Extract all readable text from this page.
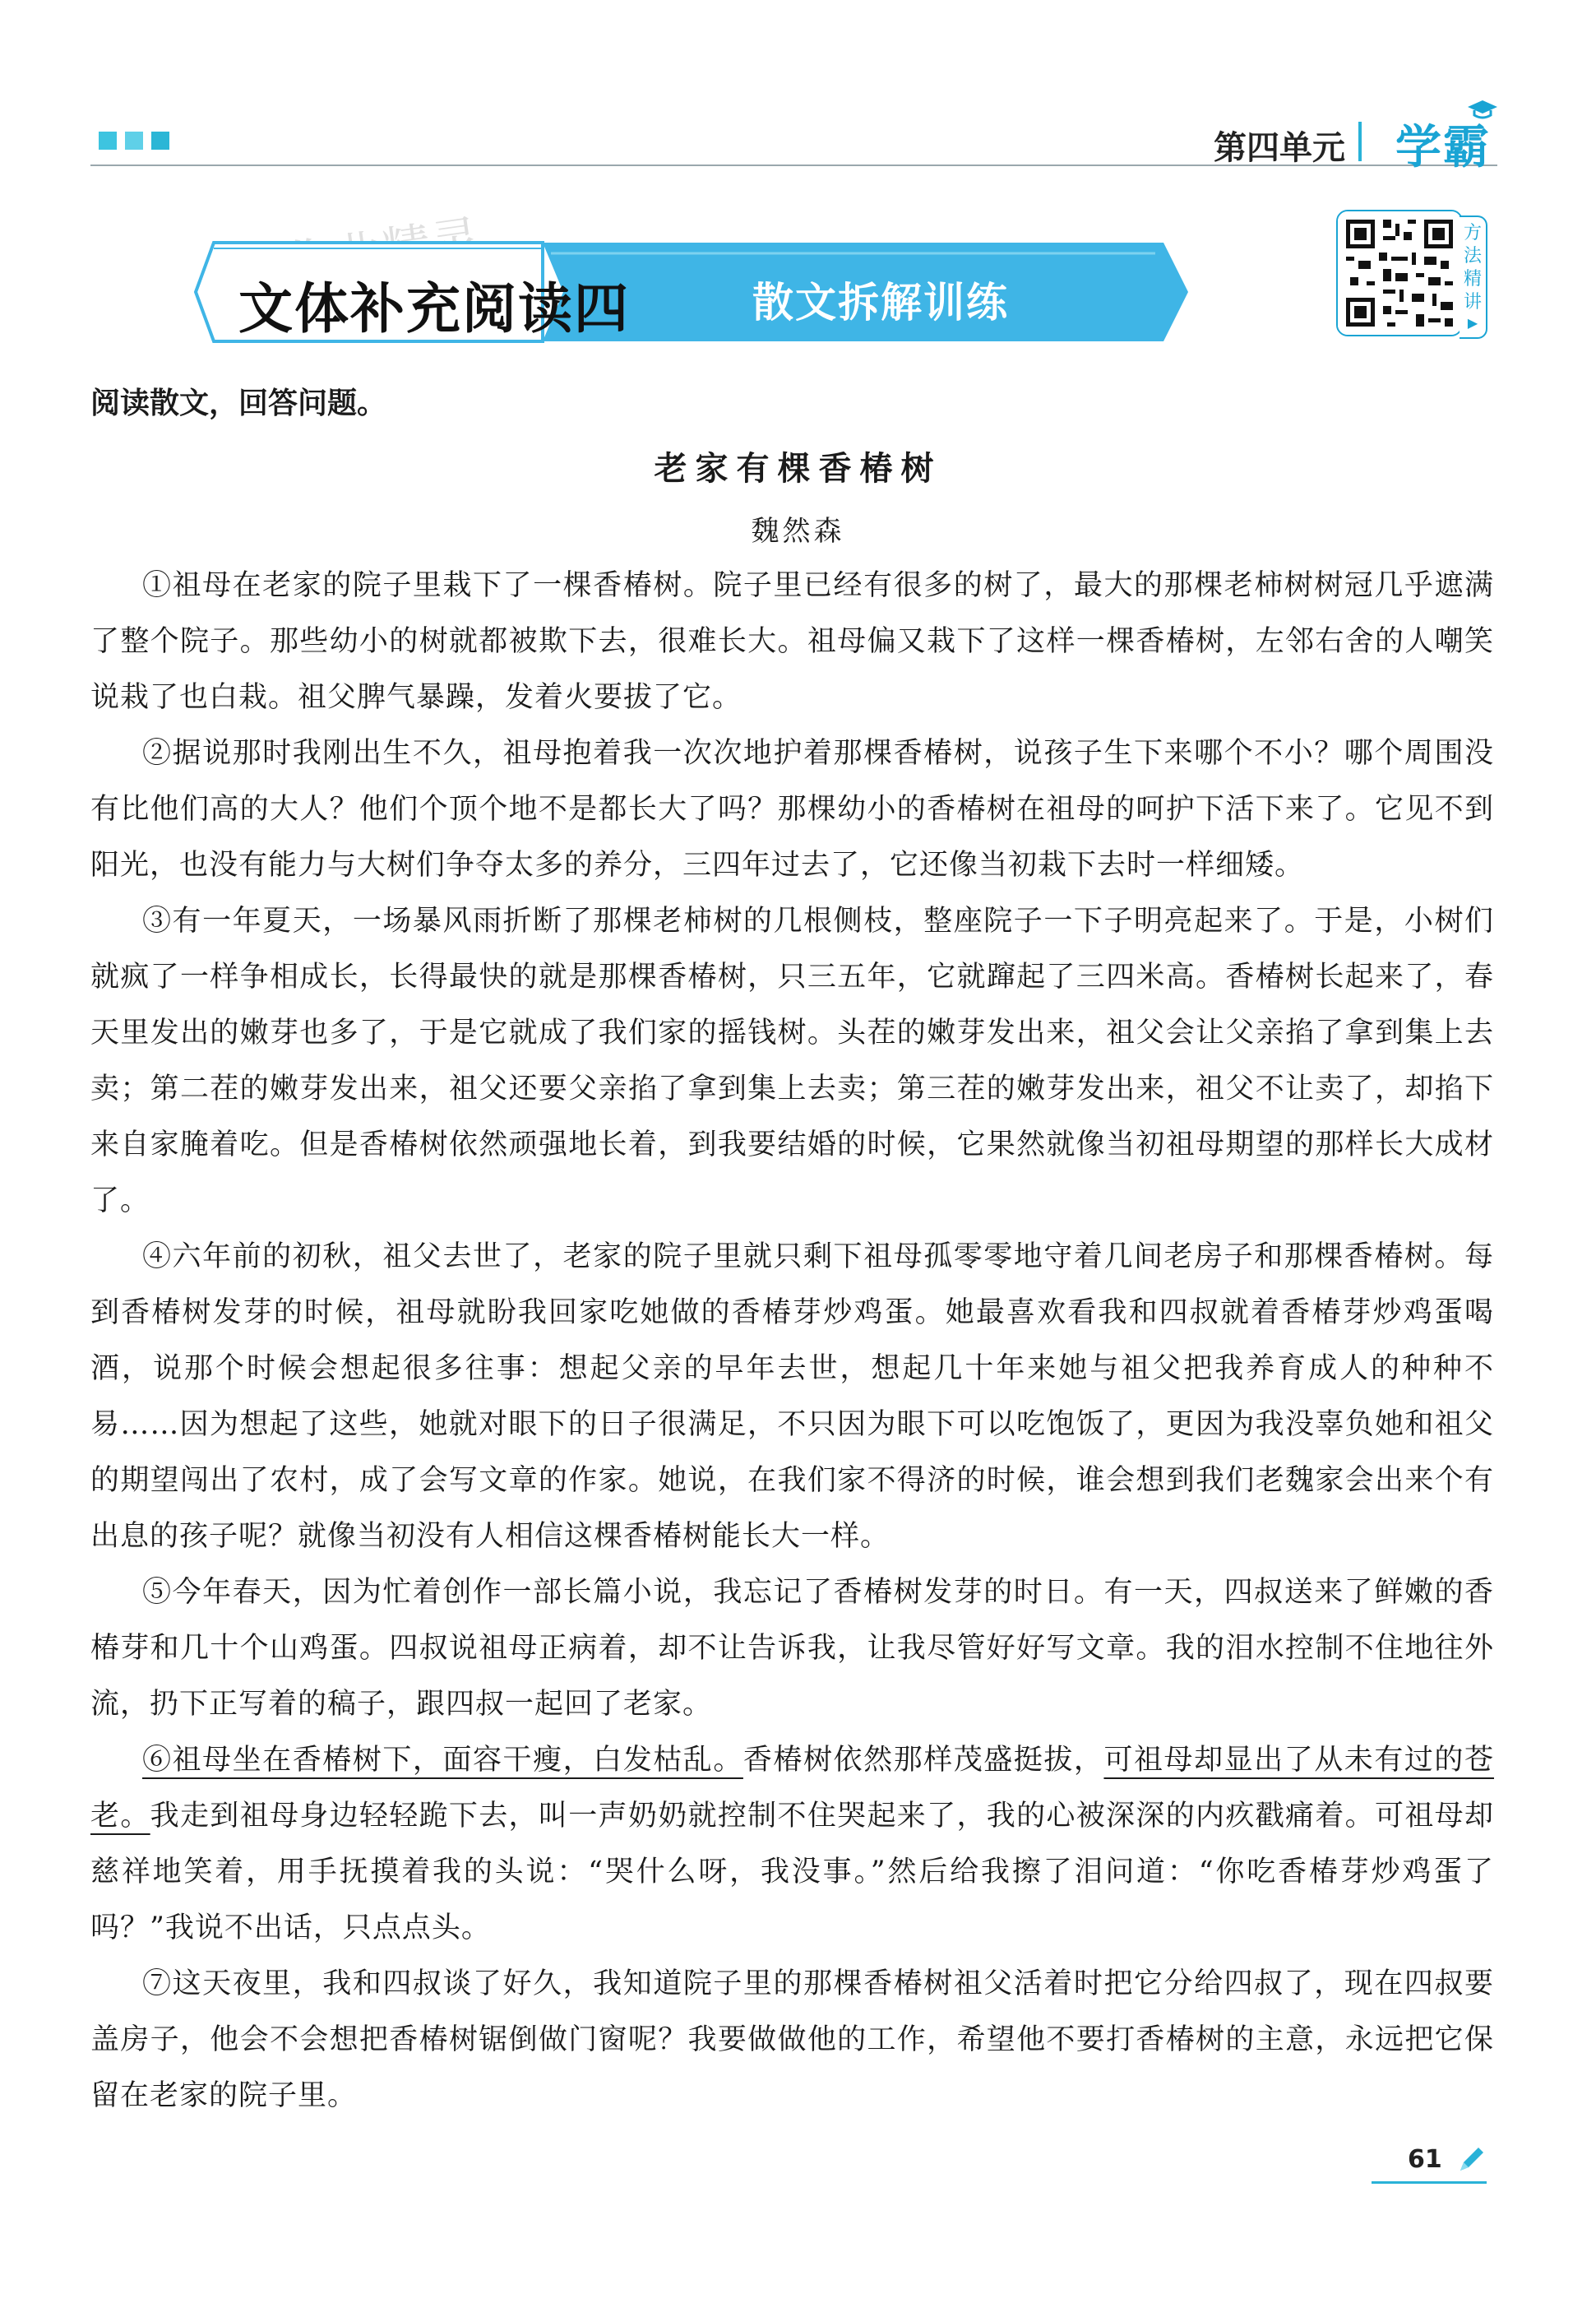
第四单元 学霸
文体补充阅读四	散文拆解训练
方
法
精
讲
▶
阅读散文，回答问题。
老家有棵香椿树
魏然森

①祖母在老家的院子里栽下了一棵香椿树。院子里已经有很多的树了，最大的那棵老柿树树冠几乎遮满了整个院子。那些幼小的树就都被欺下去，很难长大。祖母偏又栽下了这样一棵香椿树，左邻右舍的人嘲笑说栽了也白栽。祖父脾气暴躁，发着火要拔了它。

②据说那时我刚出生不久，祖母抱着我一次次地护着那棵香椿树，说孩子生下来哪个不小？哪个周围没有比他们高的大人？他们个顶个地不是都长大了吗？那棵幼小的香椿树在祖母的呵护下活下来了。它见不到阳光，也没有能力与大树们争夺太多的养分，三四年过去了，它还像当初栽下去时一样细矮。

③有一年夏天，一场暴风雨折断了那棵老柿树的几根侧枝，整座院子一下子明亮起来了。于是，小树们就疯了一样争相成长，长得最快的就是那棵香椿树，只三五年，它就蹿起了三四米高。香椿树长起来了，春天里发出的嫩芽也多了，于是它就成了我们家的摇钱树。头茬的嫩芽发出来，祖父会让父亲掐了拿到集上去卖；第二茬的嫩芽发出来，祖父还要父亲掐了拿到集上去卖；第三茬的嫩芽发出来，祖父不让卖了，却掐下来自家腌着吃。但是香椿树依然顽强地长着，到我要结婚的时候，它果然就像当初祖母期望的那样长大成材了。

④六年前的初秋，祖父去世了，老家的院子里就只剩下祖母孤零零地守着几间老房子和那棵香椿树。每到香椿树发芽的时候，祖母就盼我回家吃她做的香椿芽炒鸡蛋。她最喜欢看我和四叔就着香椿芽炒鸡蛋喝酒，说那个时候会想起很多往事：想起父亲的早年去世，想起几十年来她与祖父把我养育成人的种种不易……因为想起了这些，她就对眼下的日子很满足，不只因为眼下可以吃饱饭了，更因为我没辜负她和祖父的期望闯出了农村，成了会写文章的作家。她说，在我们家不得济的时候，谁会想到我们老魏家会出来个有出息的孩子呢？就像当初没有人相信这棵香椿树能长大一样。

⑤今年春天，因为忙着创作一部长篇小说，我忘记了香椿树发芽的时日。有一天，四叔送来了鲜嫩的香椿芽和几十个山鸡蛋。四叔说祖母正病着，却不让告诉我，让我尽管好好写文章。我的泪水控制不住地往外流，扔下正写着的稿子，跟四叔一起回了老家。

⑥祖母坐在香椿树下，面容干瘦，白发枯乱。香椿树依然那样茂盛挺拔，可祖母却显出了从未有过的苍老。我走到祖母身边轻轻跪下去，叫一声奶奶就控制不住哭起来了，我的心被深深的内疚戳痛着。可祖母却慈祥地笑着，用手抚摸着我的头说：“哭什么呀，我没事。”然后给我擦了泪问道：“你吃香椿芽炒鸡蛋了吗？”我说不出话，只点点头。

⑦这天夜里，我和四叔谈了好久，我知道院子里的那棵香椿树祖父活着时把它分给四叔了，现在四叔要盖房子，他会不会想把香椿树锯倒做门窗呢？我要做做他的工作，希望他不要打香椿树的主意，永远把它保留在老家的院子里。

61
